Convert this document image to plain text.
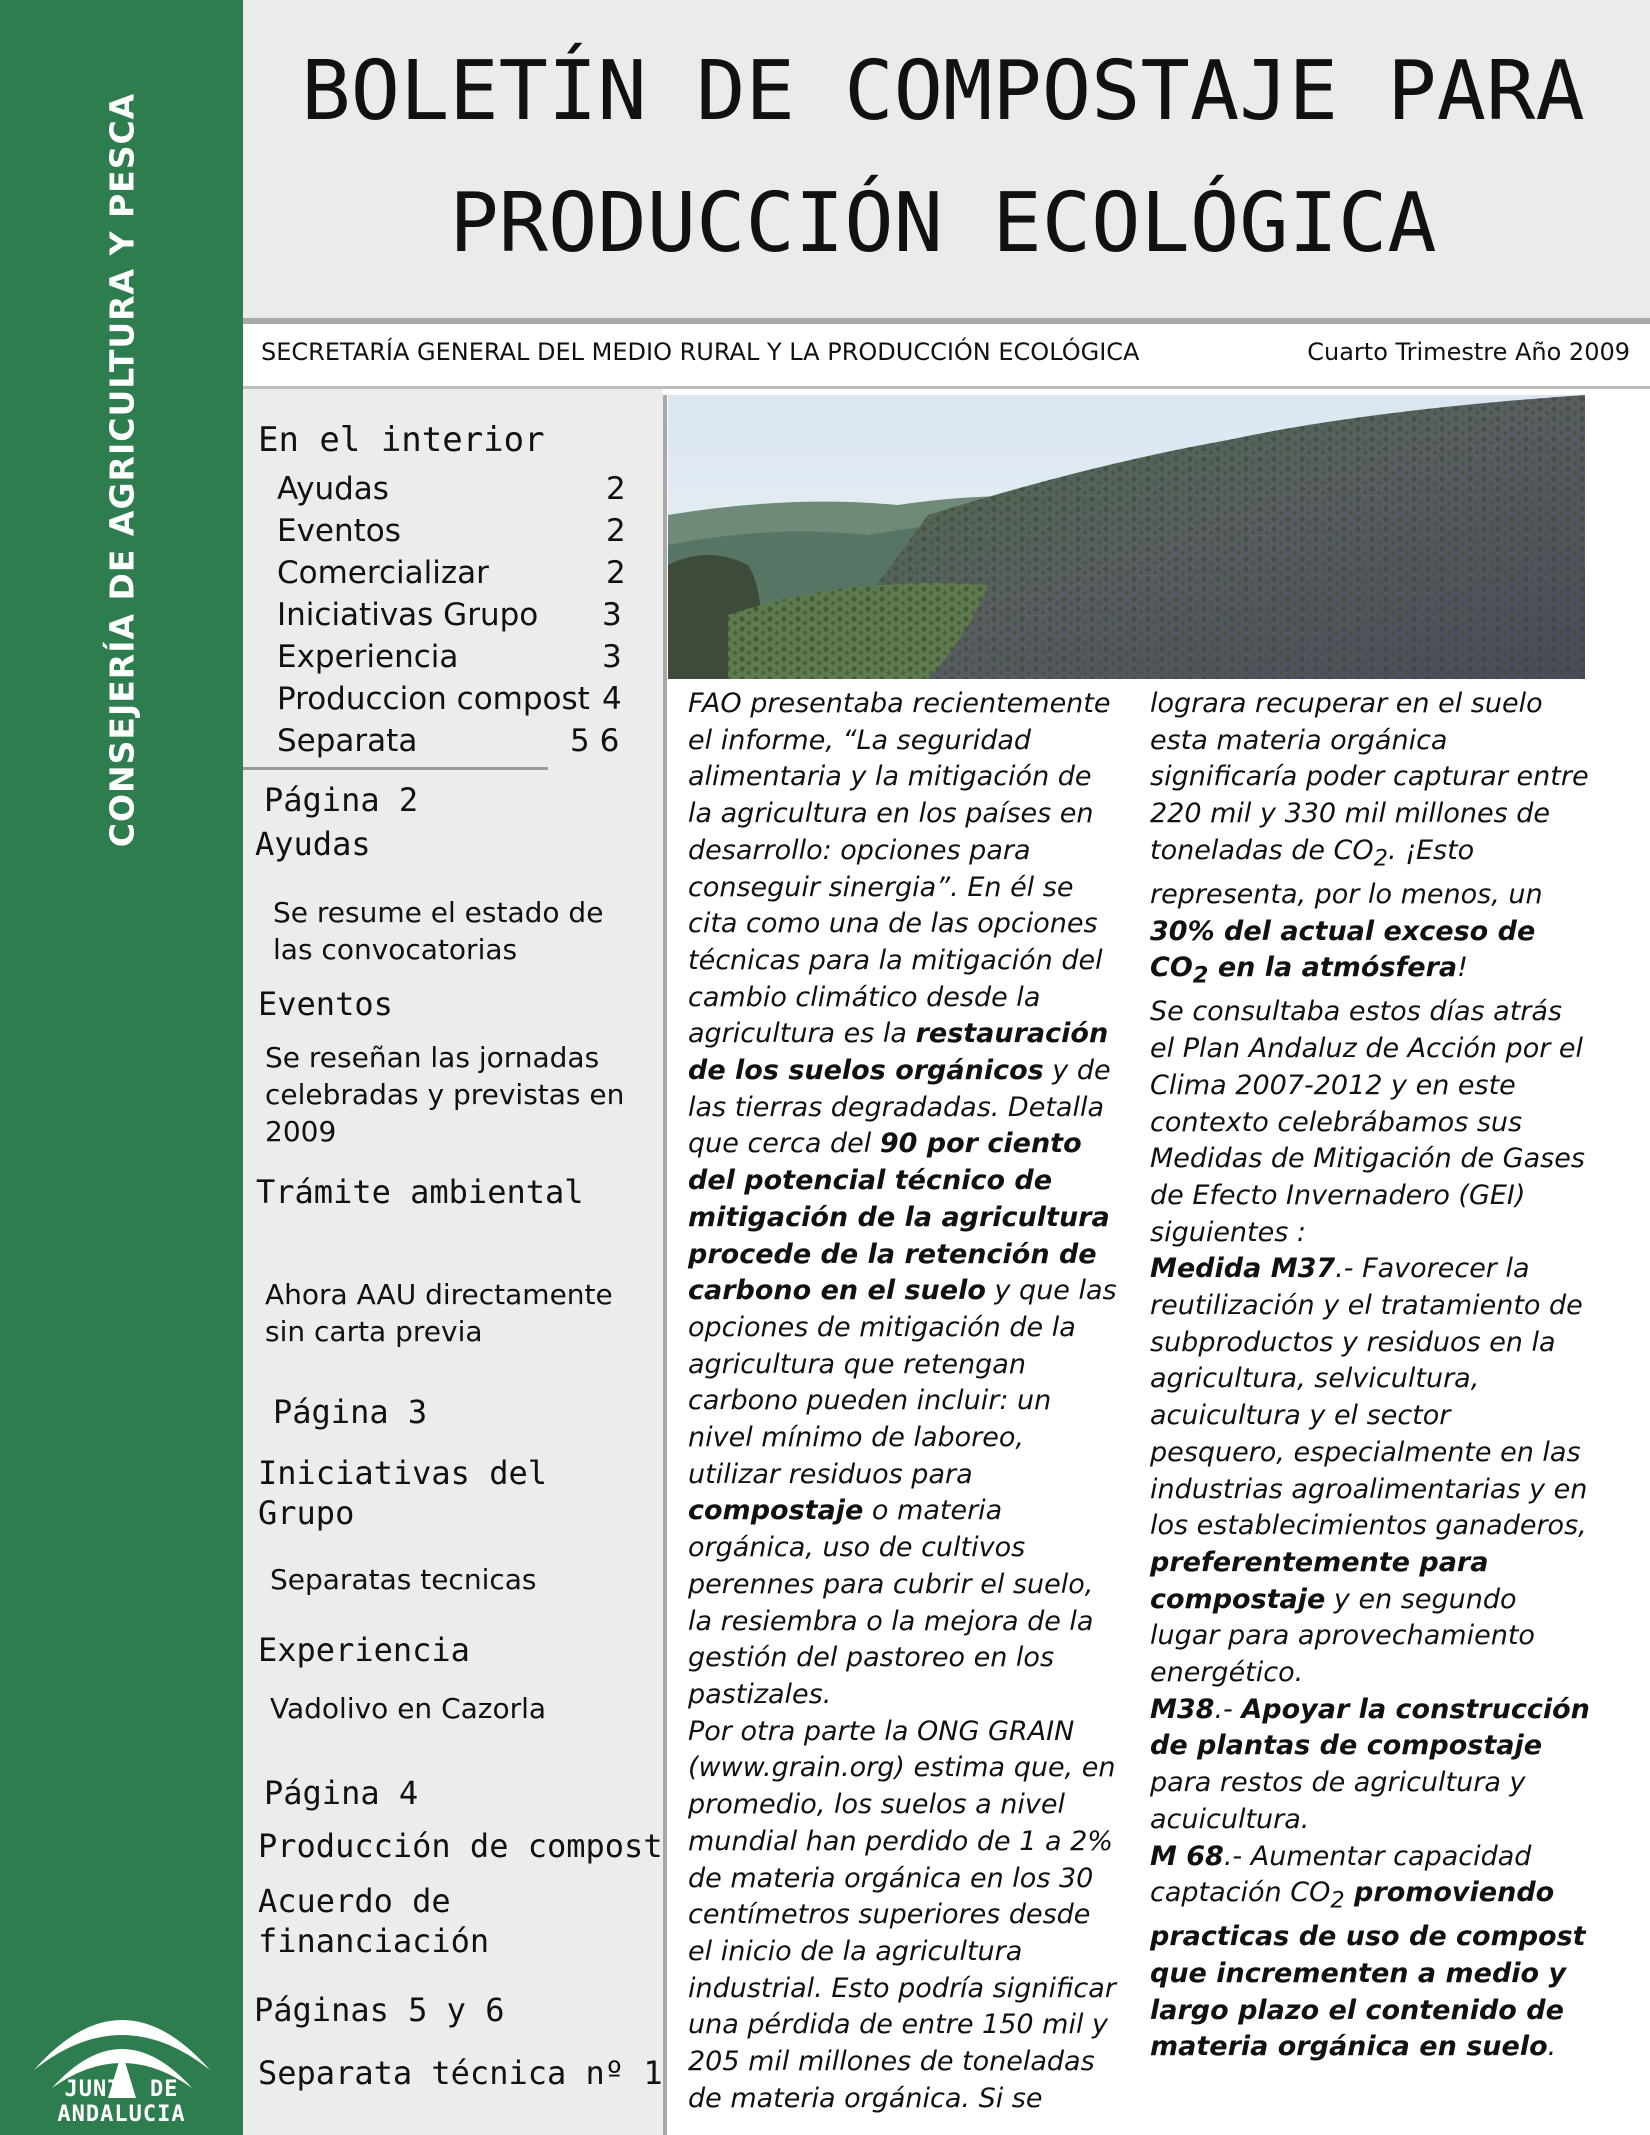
CONSEJERÍA DE AGRICULTURA Y PESCA
JUNTA DE ANDALUCIA
BOLETÍN DE COMPOSTAJE PARA
PRODUCCIÓN ECOLÓGICA
SECRETARÍA GENERAL DEL MEDIO RURAL Y LA PRODUCCIÓN ECOLÓGICA	Cuarto Trimestre Año 2009
En el interior
Ayudas	2
Eventos	2
Comercializar	2
Iniciativas Grupo 3
Experiencia	3
Produccion compost 4
Separata	5 6
Página 2
Ayudas
Se resume el estado de
las convocatorias
Eventos
Se reseñan las jornadas
celebradas y previstas en
2009
Trámite ambiental
Ahora AAU directamente
sin carta previa
Página 3
Iniciativas del
Grupo
Separatas tecnicas
Experiencia
Vadolivo en Cazorla
Página 4
Producción de compost
Acuerdo de
financiación
Páginas 5 y 6
Separata técnica nº 1
FAO presentaba recientemente el informe, “La seguridad alimentaria y la mitigación de la agricultura en los países en desarrollo: opciones para conseguir sinergia”. En él se cita como una de las opciones técnicas para la mitigación del cambio climático desde la agricultura es la restauración de los suelos orgánicos y de las tierras degradadas. Detalla que cerca del 90 por ciento del potencial técnico de mitigación de la agricultura procede de la retención de carbono en el suelo y que las opciones de mitigación de la agricultura que retengan carbono pueden incluir: un nivel mínimo de laboreo, utilizar residuos para compostaje o materia orgánica, uso de cultivos perennes para cubrir el suelo, la resiembra o la mejora de la gestión del pastoreo en los pastizales.
Por otra parte la ONG GRAIN (www.grain.org) estima que, en promedio, los suelos a nivel mundial han perdido de 1 a 2% de materia orgánica en los 30 centímetros superiores desde el inicio de la agricultura industrial. Esto podría significar una pérdida de entre 150 mil y 205 mil millones de toneladas de materia orgánica. Si se
lograra recuperar en el suelo esta materia orgánica significaría poder capturar entre 220 mil y 330 mil millones de toneladas de $CO_2$. ¡Esto representa, por lo menos, un 30% del actual exceso de $CO_2$ en la atmósfera!
Se consultaba estos días atrás el Plan Andaluz de Acción por el Clima 2007-2012 y en este contexto celebrábamos sus Medidas de Mitigación de Gases de Efecto Invernadero (GEI) siguientes :
Medida M37.- Favorecer la reutilización y el tratamiento de subproductos y residuos en la agricultura, selvicultura, acuicultura y el sector pesquero, especialmente en las industrias agroalimentarias y en los establecimientos ganaderos, preferentemente para compostaje y en segundo lugar para aprovechamiento energético.
M38.- Apoyar la construcción de plantas de compostaje para restos de agricultura y acuicultura.
M 68.- Aumentar capacidad captación $CO_2$ promoviendo practicas de uso de compost que incrementen a medio y largo plazo el contenido de materia orgánica en suelo.
